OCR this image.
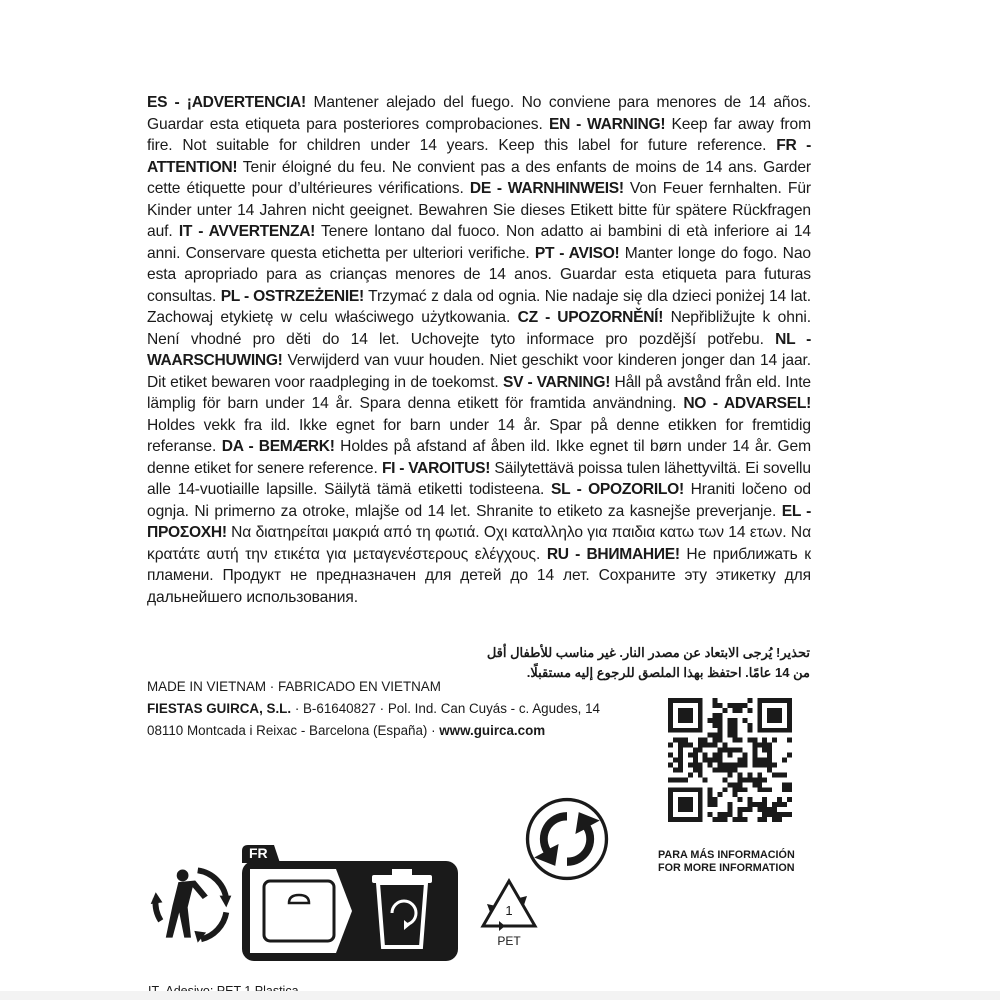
ES - ¡ADVERTENCIA! Mantener alejado del fuego. No conviene para menores de 14 años. Guardar esta etiqueta para posteriores comprobaciones. EN - WARNING! Keep far away from fire. Not suitable for children under 14 years. Keep this label for future reference. FR - ATTENTION! Tenir éloigné du feu. Ne convient pas a des enfants de moins de 14 ans. Garder cette étiquette pour d’ultérieures vérifications. DE - WARNHINWEIS! Von Feuer fernhalten. Für Kinder unter 14 Jahren nicht geeignet. Bewahren Sie dieses Etikett bitte für spätere Rückfragen auf. IT - AVVERTENZA! Tenere lontano dal fuoco. Non adatto ai bambini di età inferiore ai 14 anni. Conservare questa etichetta per ulteriori verifiche. PT - AVISO! Manter longe do fogo. Nao esta apropriado para as crianças menores de 14 anos. Guardar esta etiqueta para futuras consultas. PL - OSTRZEŻENIE! Trzymać z dala od ognia. Nie nadaje się dla dzieci poniżej 14 lat. Zachowaj etykietę w celu właściwego użytkowania. CZ - UPOZORNĚNÍ! Nepřibližujte k ohni. Není vhodné pro děti do 14 let. Uchovejte tyto informace pro pozdější potřebu. NL - WAARSCHUWING! Verwijderd van vuur houden. Niet geschikt voor kinderen jonger dan 14 jaar. Dit etiket bewaren voor raadpleging in de toekomst. SV - VARNING! Håll på avstånd från eld. Inte lämplig för barn under 14 år. Spara denna etikett för framtida användning. NO - ADVARSEL! Holdes vekk fra ild. Ikke egnet for barn under 14 år. Spar på denne etikken for fremtidig referanse. DA - BEMÆRK! Holdes på afstand af åben ild. Ikke egnet til børn under 14 år. Gem denne etiket for senere reference. FI - VAROITUS! Säilytettävä poissa tulen lähettyviltä. Ei sovellu alle 14-vuotiaille lapsille. Säilytä tämä etiketti todisteena. SL - OPOZORILO! Hraniti ločeno od ognja. Ni primerno za otroke, mlajše od 14 let. Shranite to etiketo za kasnejše preverjanje. EL - ΠΡΟΣΟΧΗ! Να διατηρείται μακριά από τη φωτιά. Οχι καταλληλο για παιδια κατω των 14 ετων. Να κρατάτε αυτή την ετικέτα για μεταγενέστερους ελέγχους. RU - ВНИМАНИЕ! Не приближать к пламени. Продукт не предназначен для детей до 14 лет. Сохраните эту этикетку для дальнейшего использования.
تحذير! يُرجى الابتعاد عن مصدر النار. غير مناسب للأطفال أقل
من 14 عامًا. احتفظ بهذا الملصق للرجوع إليه مستقبلًا.
MADE IN VIETNAM · FABRICADO EN VIETNAM
FIESTAS GUIRCA, S.L. · B-61640827 · Pol. Ind. Can Cuyás - c. Agudes, 14
08110 Montcada i Reixac - Barcelona (España) · www.guirca.com
PARA MÁS INFORMACIÓN
FOR MORE INFORMATION
FR
1
PET
